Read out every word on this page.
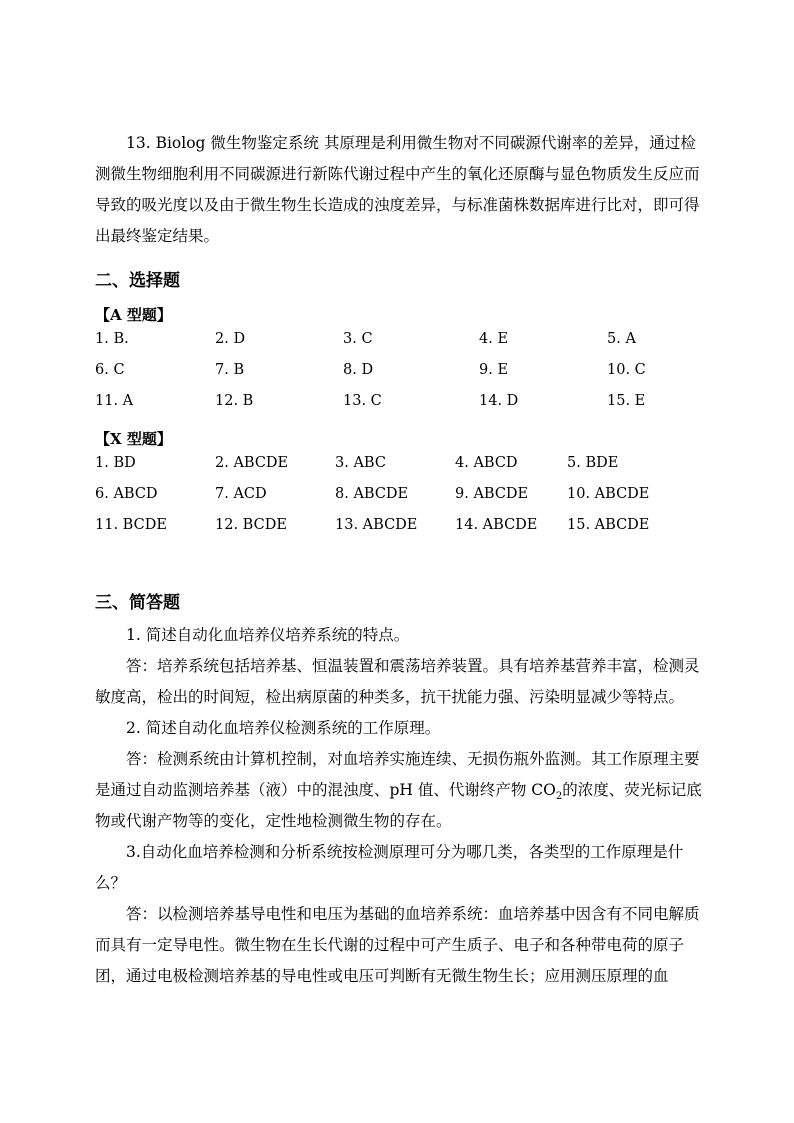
13. Biolog 微生物鉴定系统 其原理是利用微生物对不同碳源代谢率的差异，通过检测微生物细胞利用不同碳源进行新陈代谢过程中产生的氧化还原酶与显色物质发生反应而导致的吸光度以及由于微生物生长造成的浊度差异，与标准菌株数据库进行比对，即可得出最终鉴定结果。

二、选择题
【A 型题】
1. B.	2. D	3. C	4. E	5. A
6. C	7. B	8. D	9. E	10. C
11. A	12. B	13. C	14. D	15. E
【X 型题】
1. BD	2. ABCDE	3. ABC	4. ABCD	5. BDE
6. ABCD	7. ACD	8. ABCDE	9. ABCDE	10. ABCDE
11. BCDE	12. BCDE	13. ABCDE	14. ABCDE 15. ABCDE
三、简答题

1. 简述自动化血培养仪培养系统的特点。

答：培养系统包括培养基、恒温装置和震荡培养装置。具有培养基营养丰富，检测灵敏度高，检出的时间短，检出病原菌的种类多，抗干扰能力强、污染明显减少等特点。

2. 简述自动化血培养仪检测系统的工作原理。

答：检测系统由计算机控制，对血培养实施连续、无损伤瓶外监测。其工作原理主要是通过自动监测培养基（液）中的混浊度、pH 值、代谢终产物 $CO_2$的浓度、荧光标记底物或代谢产物等的变化，定性地检测微生物的存在。

3.自动化血培养检测和分析系统按检测原理可分为哪几类，各类型的工作原理是什么？

答：以检测培养基导电性和电压为基础的血培养系统：血培养基中因含有不同电解质而具有一定导电性。微生物在生长代谢的过程中可产生质子、电子和各种带电荷的原子团，通过电极检测培养基的导电性或电压可判断有无微生物生长；应用测压原理的血
